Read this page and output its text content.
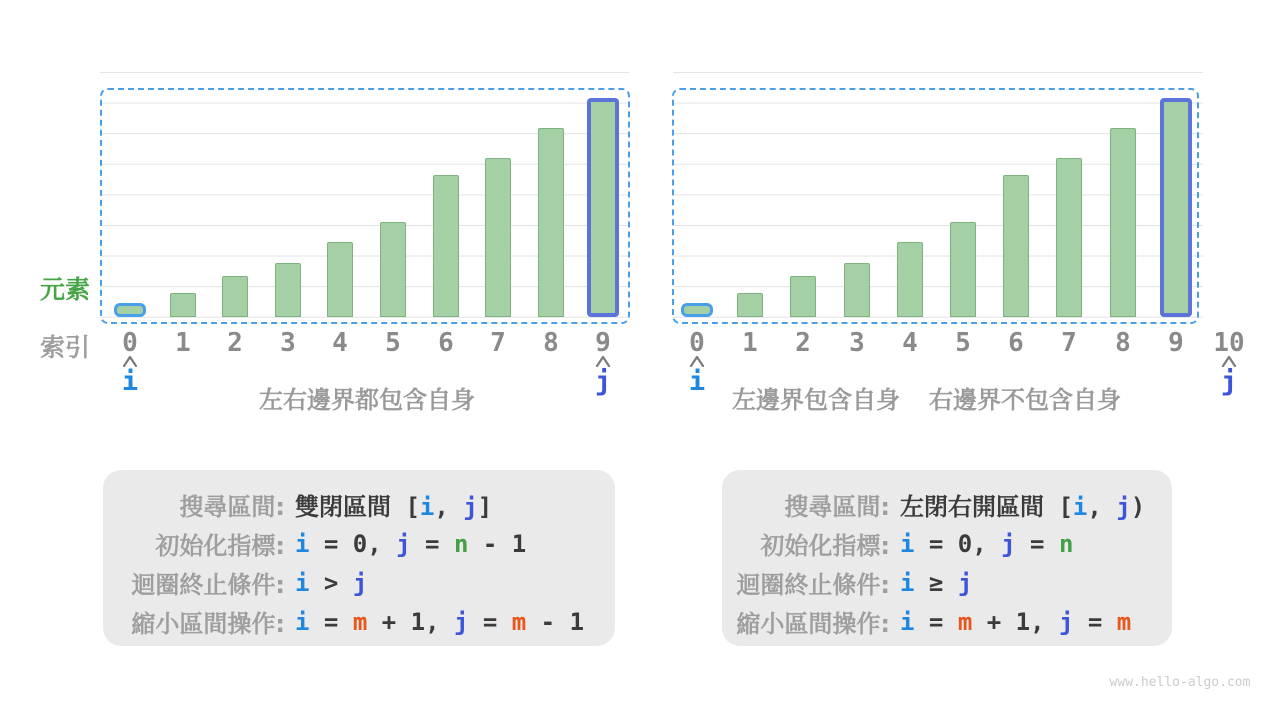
元素
索引	0	1	2	3	4	5	6	7	8	9
i	j
左右邊界都包含自身
0	1	2	3	4	5	6	7	8	9	10
i	j
左邊界包含自身	右邊界不包含自身
搜尋區間: 雙閉區間 [i, j]
初始化指標: i = 0, j = n - 1
迴圈終止條件: i > j
縮小區間操作: i = m + 1, j = m - 1
搜尋區間: 左閉右開區間 [i, j)
初始化指標: i = 0, j = n
迴圈終止條件: i ≥ j
縮小區間操作: i = m + 1, j = m
www.hello-algo.com
